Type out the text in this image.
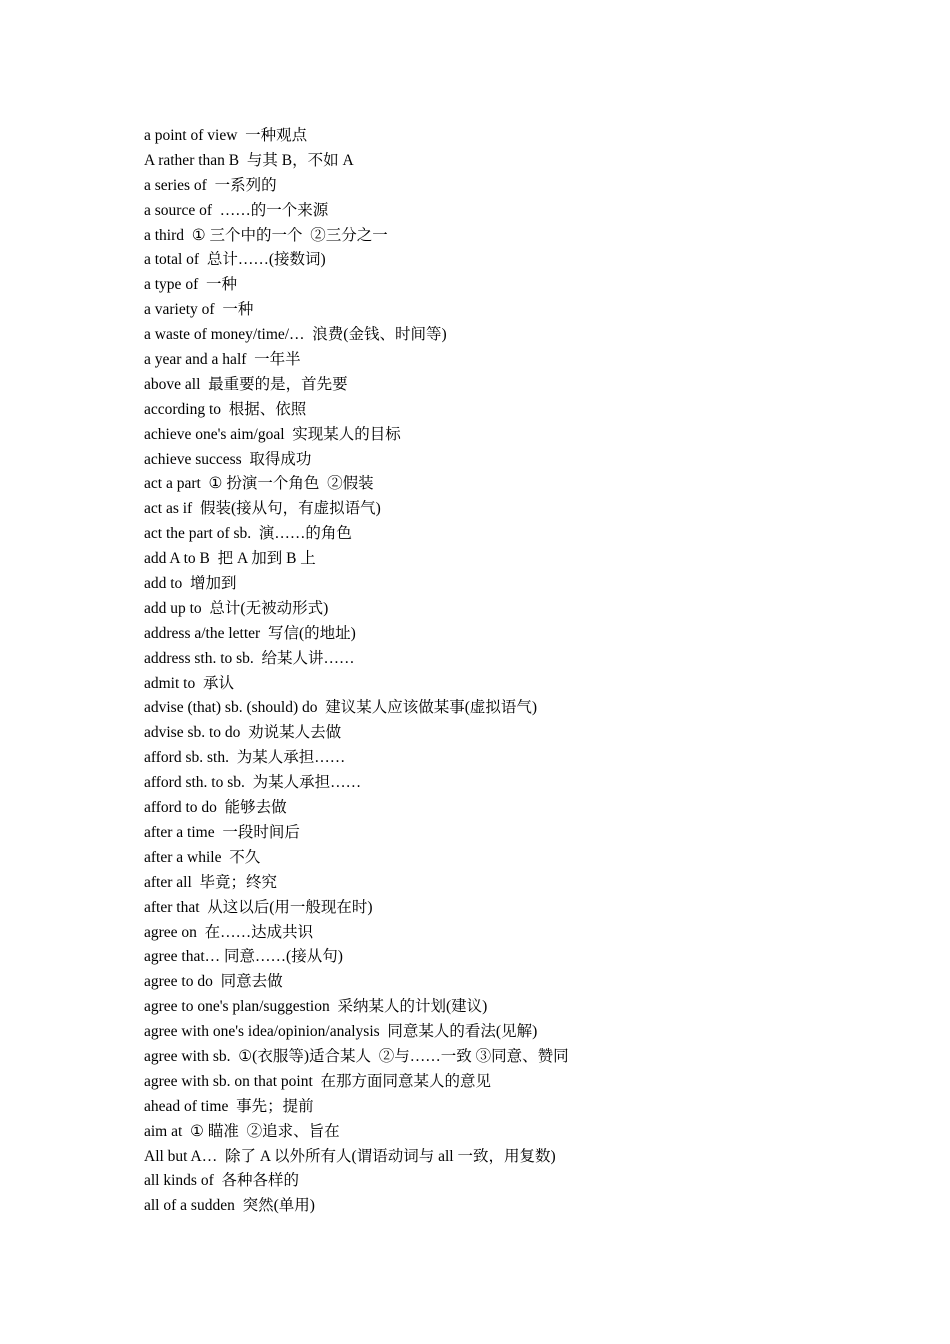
a point of view  一种观点
A rather than B  与其 B，不如 A
a series of  一系列的
a source of  ……的一个来源
a third  ① 三个中的一个  ②三分之一
a total of  总计……(接数词)
a type of  一种
a variety of  一种
a waste of money/time/…  浪费(金钱、时间等)
a year and a half  一年半
above all  最重要的是，首先要
according to  根据、依照
achieve one's aim/goal  实现某人的目标
achieve success  取得成功
act a part  ① 扮演一个角色  ②假装
act as if  假装(接从句，有虚拟语气)
act the part of sb.  演……的角色
add A to B  把 A 加到 B 上
add to  增加到
add up to  总计(无被动形式)
address a/the letter  写信(的地址)
address sth. to sb.  给某人讲……
admit to  承认
advise (that) sb. (should) do  建议某人应该做某事(虚拟语气)
advise sb. to do  劝说某人去做
afford sb. sth.  为某人承担……
afford sth. to sb.  为某人承担……
afford to do  能够去做
after a time  一段时间后
after a while  不久
after all  毕竟；终究
after that  从这以后(用一般现在时)
agree on  在……达成共识
agree that… 同意……(接从句)
agree to do  同意去做
agree to one's plan/suggestion  采纳某人的计划(建议)
agree with one's idea/opinion/analysis  同意某人的看法(见解)
agree with sb.  ①(衣服等)适合某人  ②与……一致 ③同意、赞同
agree with sb. on that point  在那方面同意某人的意见
ahead of time  事先；提前
aim at  ① 瞄准  ②追求、旨在
All but A…  除了 A 以外所有人(谓语动词与 all 一致，用复数)
all kinds of  各种各样的
all of a sudden  突然(单用)
